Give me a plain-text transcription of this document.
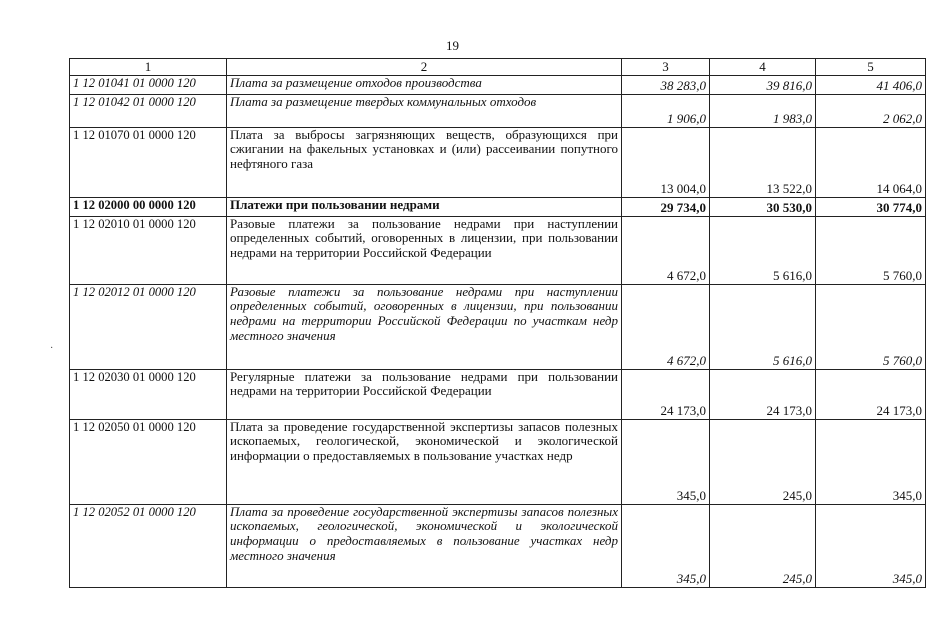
19
·
1	2	3	4	5
1 12 01041 01 0000 120	Плата за размещение отходов производства	38 283,0	39 816,0	41 406,0
1 12 01042 01 0000 120	Плата за размещение твердых коммунальных отходов	1 906,0	1 983,0	2 062,0
1 12 01070 01 0000 120	Плата за выбросы загрязняющих веществ, образующихся при сжигании на факельных установках и (или) рассеивании попутного нефтяного газа	13 004,0	13 522,0	14 064,0
1 12 02000 00 0000 120	Платежи при пользовании недрами	29 734,0	30 530,0	30 774,0
1 12 02010 01 0000 120	Разовые платежи за пользование недрами при наступлении определенных событий, оговоренных в лицензии, при пользовании недрами на территории Российской Федерации	4 672,0	5 616,0	5 760,0
1 12 02012 01 0000 120	Разовые платежи за пользование недрами при наступлении определенных событий, оговоренных в лицензии, при пользовании недрами на территории Российской Федерации по участкам недр местного значения	4 672,0	5 616,0	5 760,0
1 12 02030 01 0000 120	Регулярные платежи за пользование недрами при пользовании недрами на территории Российской Федерации	24 173,0	24 173,0	24 173,0
1 12 02050 01 0000 120	Плата за проведение государственной экспертизы запасов полезных ископаемых, геологической, экономической и экологической информации о предоставляемых в пользование участках недр	345,0	245,0	345,0
1 12 02052 01 0000 120	Плата за проведение государственной экспертизы запасов полезных ископаемых, геологической, экономической и экологической информации о предоставляемых в пользование участках недр местного значения	345,0	245,0	345,0
